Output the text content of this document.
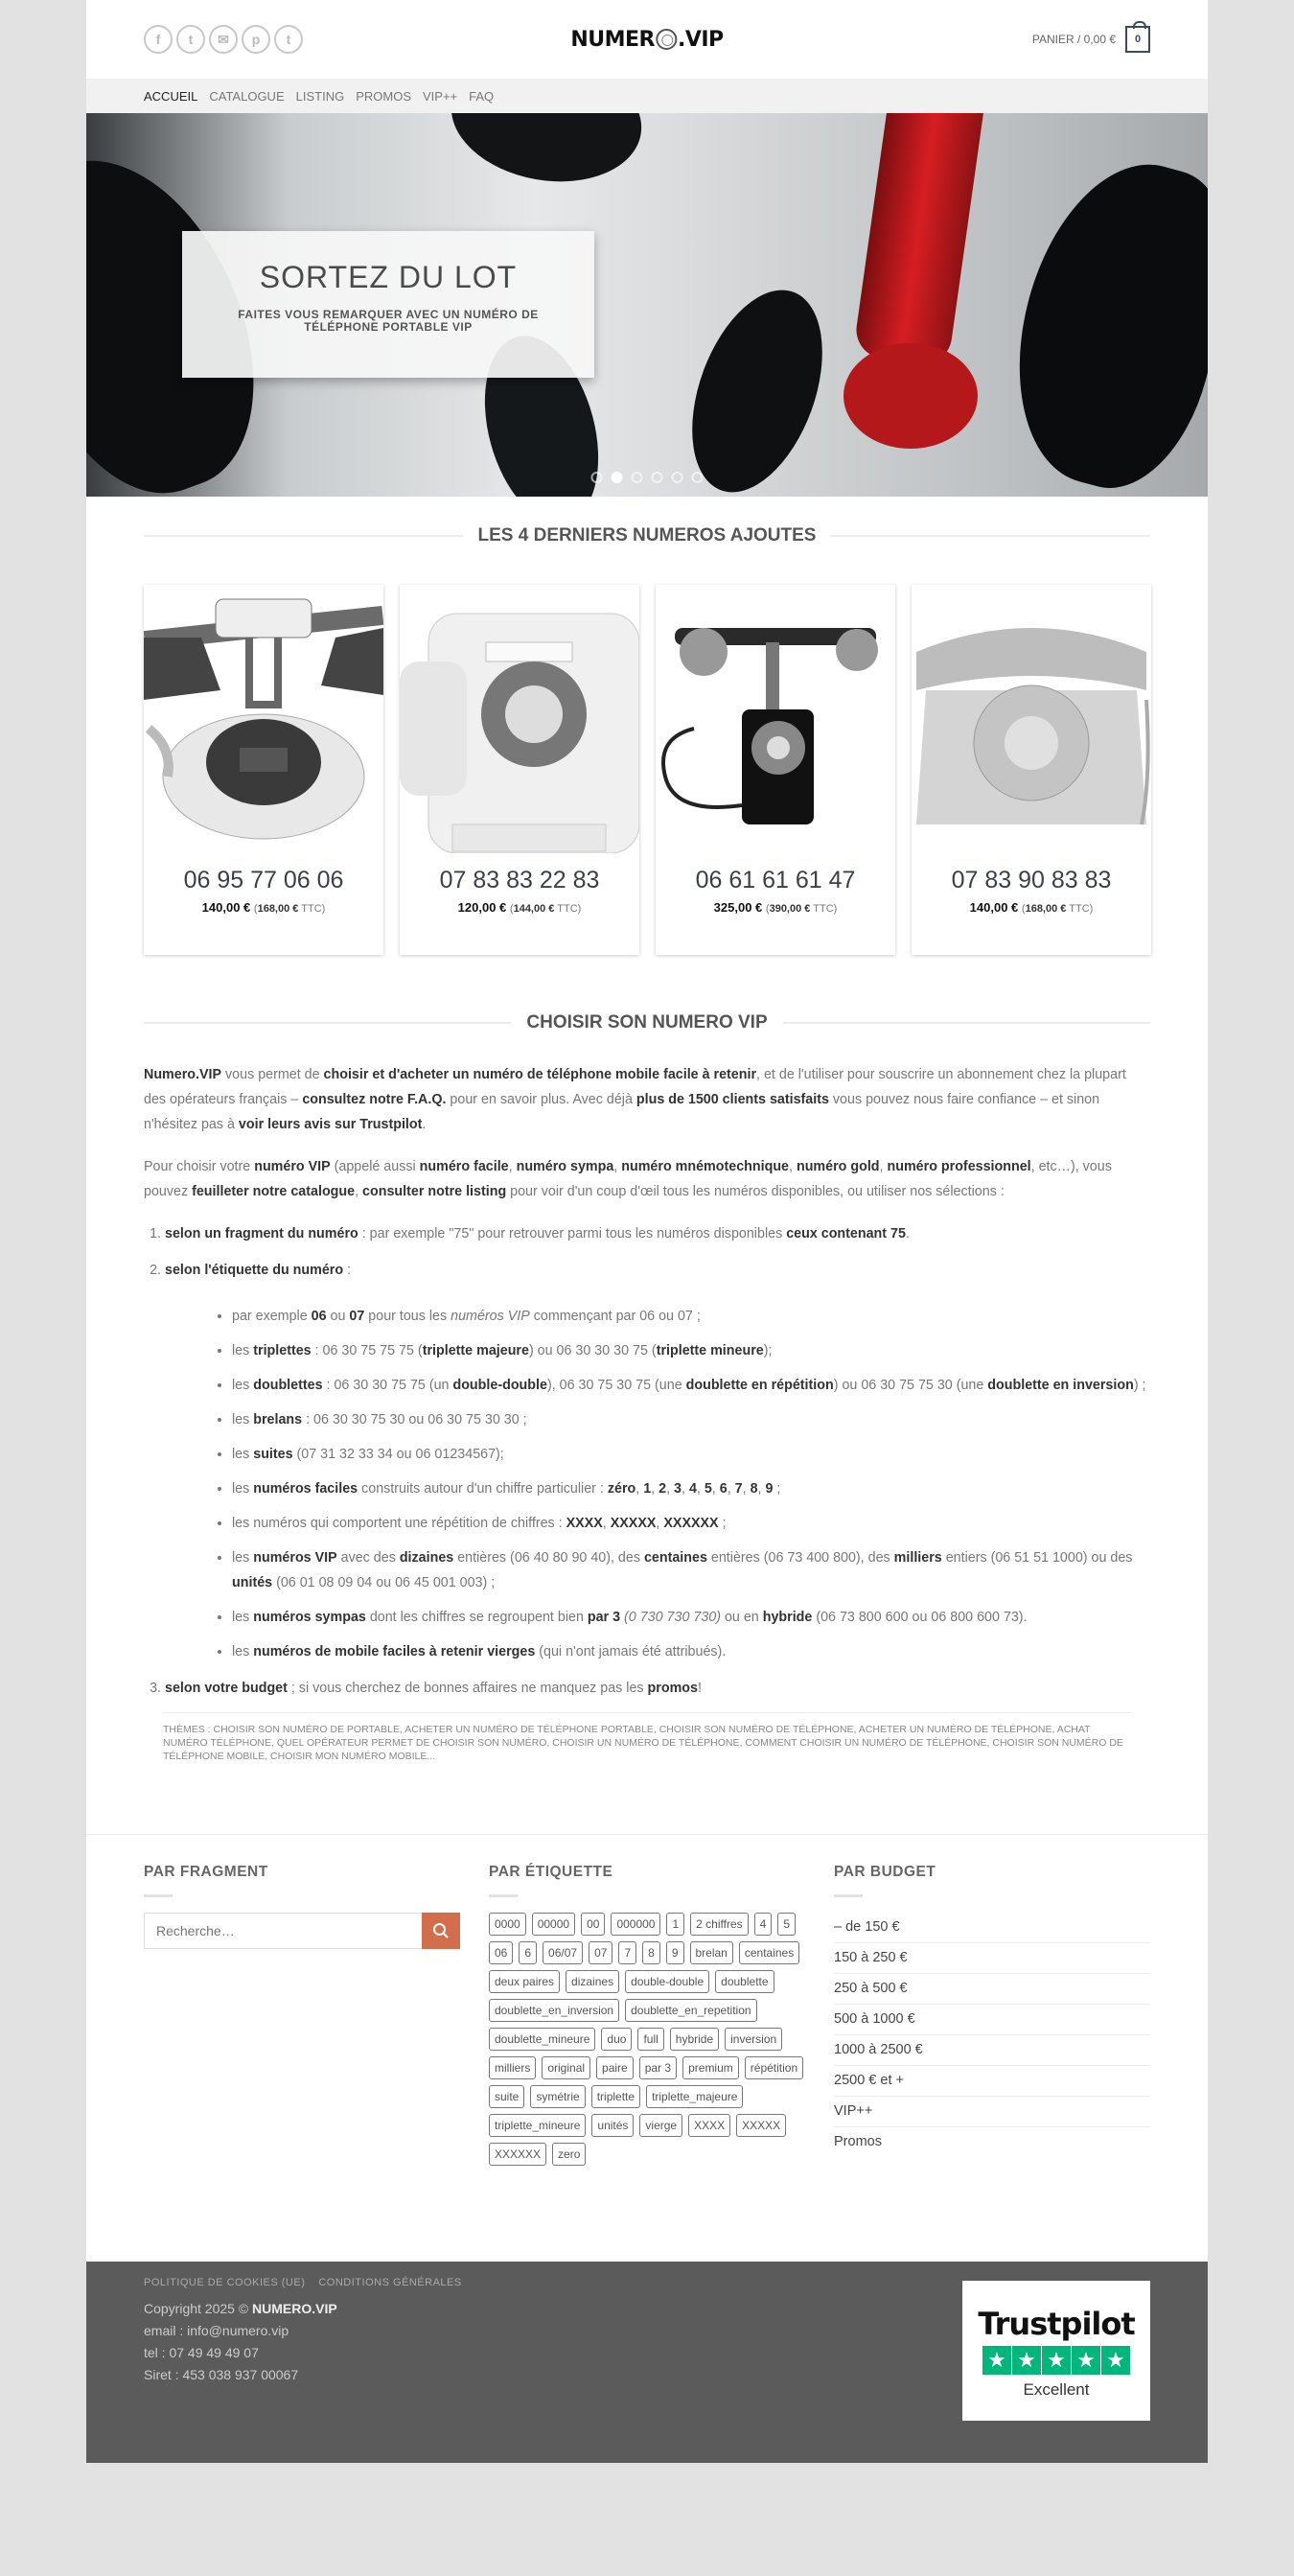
f	t	✉	p	t	NUMER .VIP	PANIER / 0,00 €	0
ACCUEIL CATALOGUE LISTING PROMOS VIP++ FAQ
SORTEZ DU LOT

FAITES VOUS REMARQUER AVEC UN NUMÉRO DE TÉLÉPHONE PORTABLE VIP

LES 4 DERNIERS NUMEROS AJOUTES
06 95 77 06 06
140,00 € (168,00 € TTC)
07 83 83 22 83
120,00 € (144,00 € TTC)
06 61 61 61 47
325,00 € (390,00 € TTC)
07 83 90 83 83
140,00 € (168,00 € TTC)
CHOISIR SON NUMERO VIP

Numero.VIP vous permet de choisir et d'acheter un numéro de téléphone mobile facile à retenir, et de l'utiliser pour souscrire un abonnement chez la plupart des opérateurs français – consultez notre F.A.Q. pour en savoir plus. Avec déjà plus de 1500 clients satisfaits vous pouvez nous faire confiance – et sinon n'hésitez pas à voir leurs avis sur Trustpilot.

Pour choisir votre numéro VIP (appelé aussi numéro facile, numéro sympa, numéro mnémotechnique, numéro gold, numéro professionnel, etc…), vous pouvez feuilleter notre catalogue, consulter notre listing pour voir d'un coup d'œil tous les numéros disponibles, ou utiliser nos sélections :

1. selon un fragment du numéro : par exemple "75" pour retrouver parmi tous les numéros disponibles ceux contenant 75.
2. selon l'étiquette du numéro :
• par exemple 06 ou 07 pour tous les numéros VIP commençant par 06 ou 07 ;
• les triplettes : 06 30 75 75 75 (triplette majeure) ou 06 30 30 30 75 (triplette mineure);
• les doublettes : 06 30 30 75 75 (un double-double), 06 30 75 30 75 (une doublette en répétition) ou 06 30 75 75 30 (une doublette en inversion) ;
• les brelans : 06 30 30 75 30 ou 06 30 75 30 30 ;
• les suites (07 31 32 33 34 ou 06 01234567);
• les numéros faciles construits autour d'un chiffre particulier : zéro, 1, 2, 3, 4, 5, 6, 7, 8, 9 ;
• les numéros qui comportent une répétition de chiffres : XXXX, XXXXX, XXXXXX ;
• les numéros VIP avec des dizaines entières (06 40 80 90 40), des centaines entières (06 73 400 800), des milliers entiers (06 51 51 1000) ou des unités (06 01 08 09 04 ou 06 45 001 003) ;
• les numéros sympas dont les chiffres se regroupent bien par 3 (0 730 730 730) ou en hybride (06 73 800 600 ou 06 800 600 73).
• les numéros de mobile faciles à retenir vierges (qui n'ont jamais été attribués).
3. selon votre budget ; si vous cherchez de bonnes affaires ne manquez pas les promos!
THÈMES : CHOISIR SON NUMÉRO DE PORTABLE, ACHETER UN NUMÉRO DE TÉLÉPHONE PORTABLE, CHOISIR SON NUMÉRO DE TÉLÉPHONE, ACHETER UN NUMÉRO DE TÉLÉPHONE, ACHAT NUMÉRO TÉLÉPHONE, QUEL OPÉRATEUR PERMET DE CHOISIR SON NUMÉRO, CHOISIR UN NUMÉRO DE TÉLÉPHONE, COMMENT CHOISIR UN NUMÉRO DE TÉLÉPHONE, CHOISIR SON NUMÉRO DE TÉLÉPHONE MOBILE, CHOISIR MON NUMÉRO MOBILE...
PAR FRAGMENT
Recherche…	PAR ÉTIQUETTE
0000	00000	00	000000	1	2 chiffres	4	5
06	6	06/07	07	7	8	9	brelan	centaines
deux paires	dizaines	double-double	doublette
doublette_en_inversion	doublette_en_repetition
doublette_mineure	duo	full	hybride	inversion
milliers	original	paire	par 3	premium	répétition
suite	symétrie	triplette	triplette_majeure
triplette_mineure	unités	vierge	XXXX	XXXXX
XXXXXX	zero
PAR BUDGET
– de 150 €
150 à 250 €
250 à 500 €
500 à 1000 €
1000 à 2500 €
2500 € et +
VIP++
Promos
POLITIQUE DE COOKIES (UE) CONDITIONS GÉNÉRALES
Copyright 2025 © NUMERO.VIP
email : info@numero.vip
tel : 07 49 49 49 07
Siret : 453 038 937 00067
Trustpilot
★ ★ ★ ★ ★
Excellent
